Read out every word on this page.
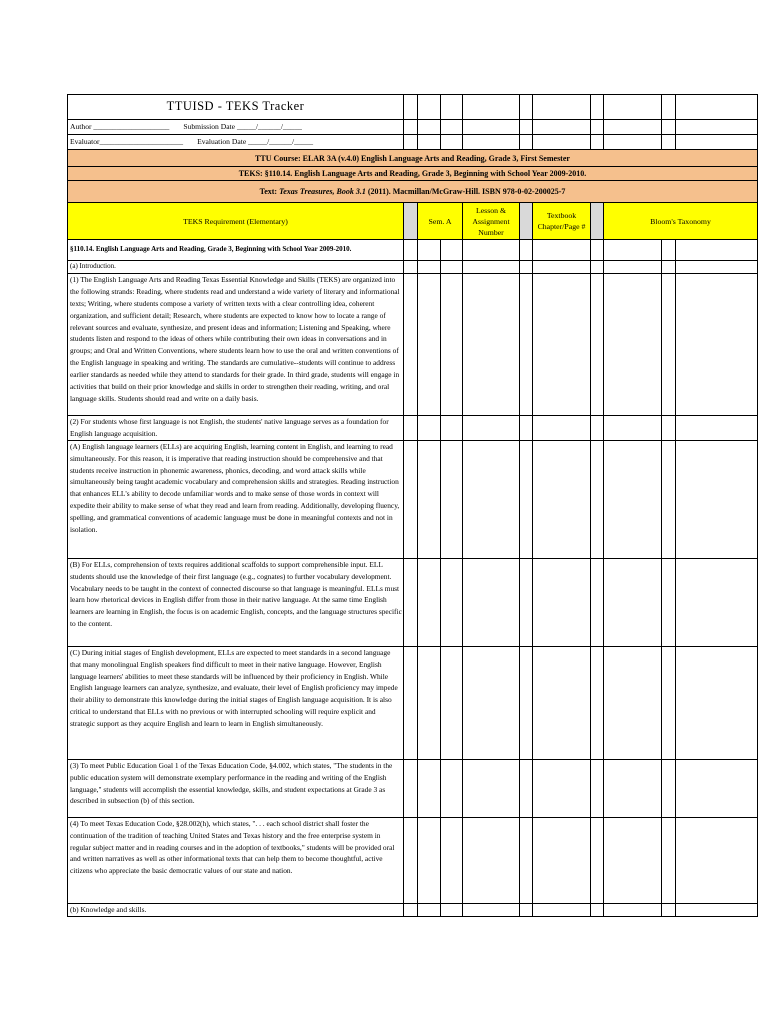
TTUISD - TEKS Tracker										
Author ____________________ Submission Date _____/______/_____										
Evaluator______________________ Evaluation Date _____/______/_____										
TTU Course: ELAR 3A (v.4.0) English Language Arts and Reading, Grade 3, First Semester										
TEKS: §110.14. English Language Arts and Reading, Grade 3, Beginning with School Year 2009-2010.										
Text: Texas Treasures, Book 3.1 (2011). Macmillan/McGraw-Hill. ISBN 978-0-02-200025-7										
TEKS Requirement (Elementary)		Sem. A		Lesson & Assignment Number		Textbook Chapter/Page #		Bloom's Taxonomy		
§110.14. English Language Arts and Reading, Grade 3, Beginning with School Year 2009-2010.										
(a) Introduction.										
(1) The English Language Arts and Reading Texas Essential Knowledge and Skills (TEKS) are organized into the following strands: Reading, where students read and understand a wide variety of literary and informational texts; Writing, where students compose a variety of written texts with a clear controlling idea, coherent organization, and sufficient detail; Research, where students are expected to know how to locate a range of relevant sources and evaluate, synthesize, and present ideas and information; Listening and Speaking, where students listen and respond to the ideas of others while contributing their own ideas in conversations and in groups; and Oral and Written Conventions, where students learn how to use the oral and written conventions of the English language in speaking and writing. The standards are cumulative--students will continue to address earlier standards as needed while they attend to standards for their grade. In third grade, students will engage in activities that build on their prior knowledge and skills in order to strengthen their reading, writing, and oral language skills. Students should read and write on a daily basis.										
(2) For students whose first language is not English, the students' native language serves as a foundation for English language acquisition.										
(A) English language learners (ELLs) are acquiring English, learning content in English, and learning to read simultaneously. For this reason, it is imperative that reading instruction should be comprehensive and that students receive instruction in phonemic awareness, phonics, decoding, and word attack skills while simultaneously being taught academic vocabulary and comprehension skills and strategies. Reading instruction that enhances ELL's ability to decode unfamiliar words and to make sense of those words in context will expedite their ability to make sense of what they read and learn from reading. Additionally, developing fluency, spelling, and grammatical conventions of academic language must be done in meaningful contexts and not in isolation.										
(B) For ELLs, comprehension of texts requires additional scaffolds to support comprehensible input. ELL students should use the knowledge of their first language (e.g., cognates) to further vocabulary development. Vocabulary needs to be taught in the context of connected discourse so that language is meaningful. ELLs must learn how rhetorical devices in English differ from those in their native language. At the same time English learners are learning in English, the focus is on academic English, concepts, and the language structures specific to the content.										
(C) During initial stages of English development, ELLs are expected to meet standards in a second language that many monolingual English speakers find difficult to meet in their native language. However, English language learners' abilities to meet these standards will be influenced by their proficiency in English. While English language learners can analyze, synthesize, and evaluate, their level of English proficiency may impede their ability to demonstrate this knowledge during the initial stages of English language acquisition. It is also critical to understand that ELLs with no previous or with interrupted schooling will require explicit and strategic support as they acquire English and learn to learn in English simultaneously.										
(3) To meet Public Education Goal 1 of the Texas Education Code, §4.002, which states, "The students in the public education system will demonstrate exemplary performance in the reading and writing of the English language," students will accomplish the essential knowledge, skills, and student expectations at Grade 3 as described in subsection (b) of this section.										
(4) To meet Texas Education Code, §28.002(h), which states, ". . . each school district shall foster the continuation of the tradition of teaching United States and Texas history and the free enterprise system in regular subject matter and in reading courses and in the adoption of textbooks," students will be provided oral and written narratives as well as other informational texts that can help them to become thoughtful, active citizens who appreciate the basic democratic values of our state and nation.										
(b) Knowledge and skills.										
